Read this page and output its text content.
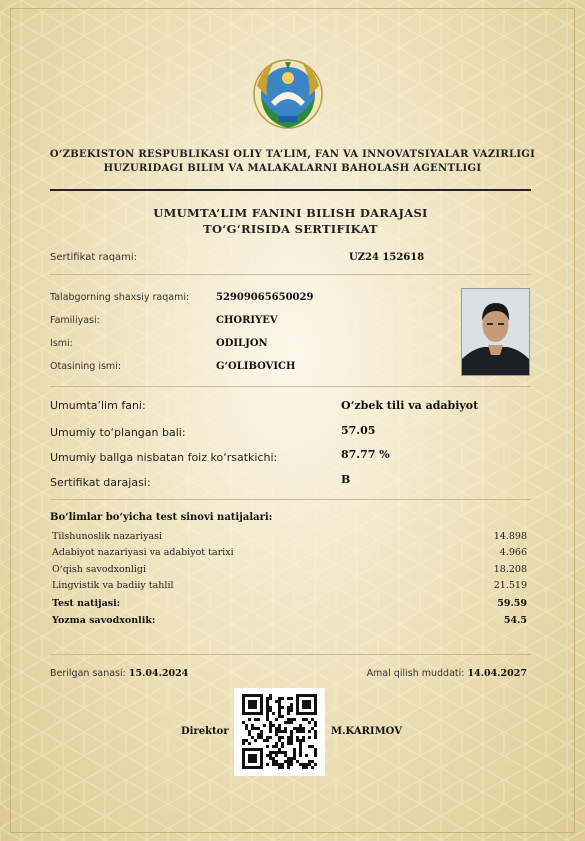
O‘ZBEKISTON RESPUBLIKASI OLIY TA’LIM, FAN VA INNOVATSIYALAR VAZIRLIGI
HUZURIDAGI BILIM VA MALAKALARNI BAHOLASH AGENTLIGI
UMUMTA’LIM FANINI BILISH DARAJASI
TO‘G‘RISIDA SERTIFIKAT
Sertifikat raqami:	UZ24 152618
Talabgorning shaxsiy raqami:	52909065650029
Familiyasi:	CHORIYEV
Ismi:	ODILJON
Otasining ismi:	G‘OLIBOVICH
Umumta’lim fani:	O‘zbek tili va adabiyot
Umumiy to‘plangan bali:	57.05
Umumiy ballga nisbatan foiz ko‘rsatkichi:	87.77 %
Sertifikat darajasi:	B
Bo‘limlar bo‘yicha test sinovi natijalari:
Tilshunoslik nazariyasi	14.898
Adabiyot nazariyasi va adabiyot tarixi	4.966
O‘qish savodxonligi	18.208
Lingvistik va badiiy tahlil	21.519
Test natijasi:	59.59
Yozma savodxonlik:	54.5
Berilgan sanasi: 15.04.2024	Amal qilish muddati: 14.04.2027
Direktor	M.KARIMOV
